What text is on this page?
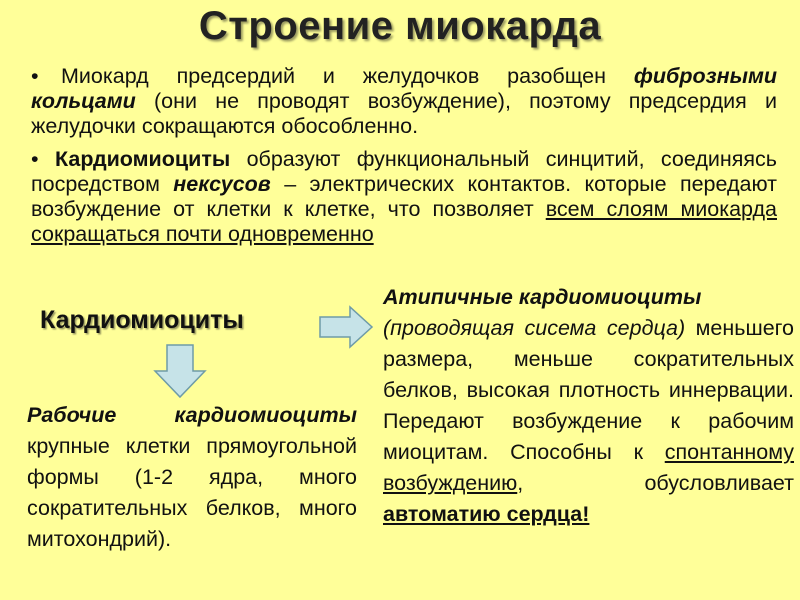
Строение миокарда

• Миокард предсердий и желудочков разобщен фиброзными кольцами (они не проводят возбуждение), поэтому предсердия и желудочки сокращаются обособленно.

• Кардиомиоциты образуют функциональный синцитий, соединяясь посредством нексусов – электрических контактов. которые передают возбуждение от клетки к клетке, что позволяет всем слоям миокарда сокращаться почти одновременно

Кардиомиоциты
Атипичные кардиомиоциты
(проводящая сисема сердца) меньшего размера, меньше сократительных белков, высокая плотность иннервации. Передают возбуждение к рабочим миоцитам. Способны к спонтанному возбуждению, обусловливает автоматию сердца!
Рабочие кардиомиоциты крупные клетки прямоугольной формы (1-2 ядра, много сократительных белков, много митохондрий).
